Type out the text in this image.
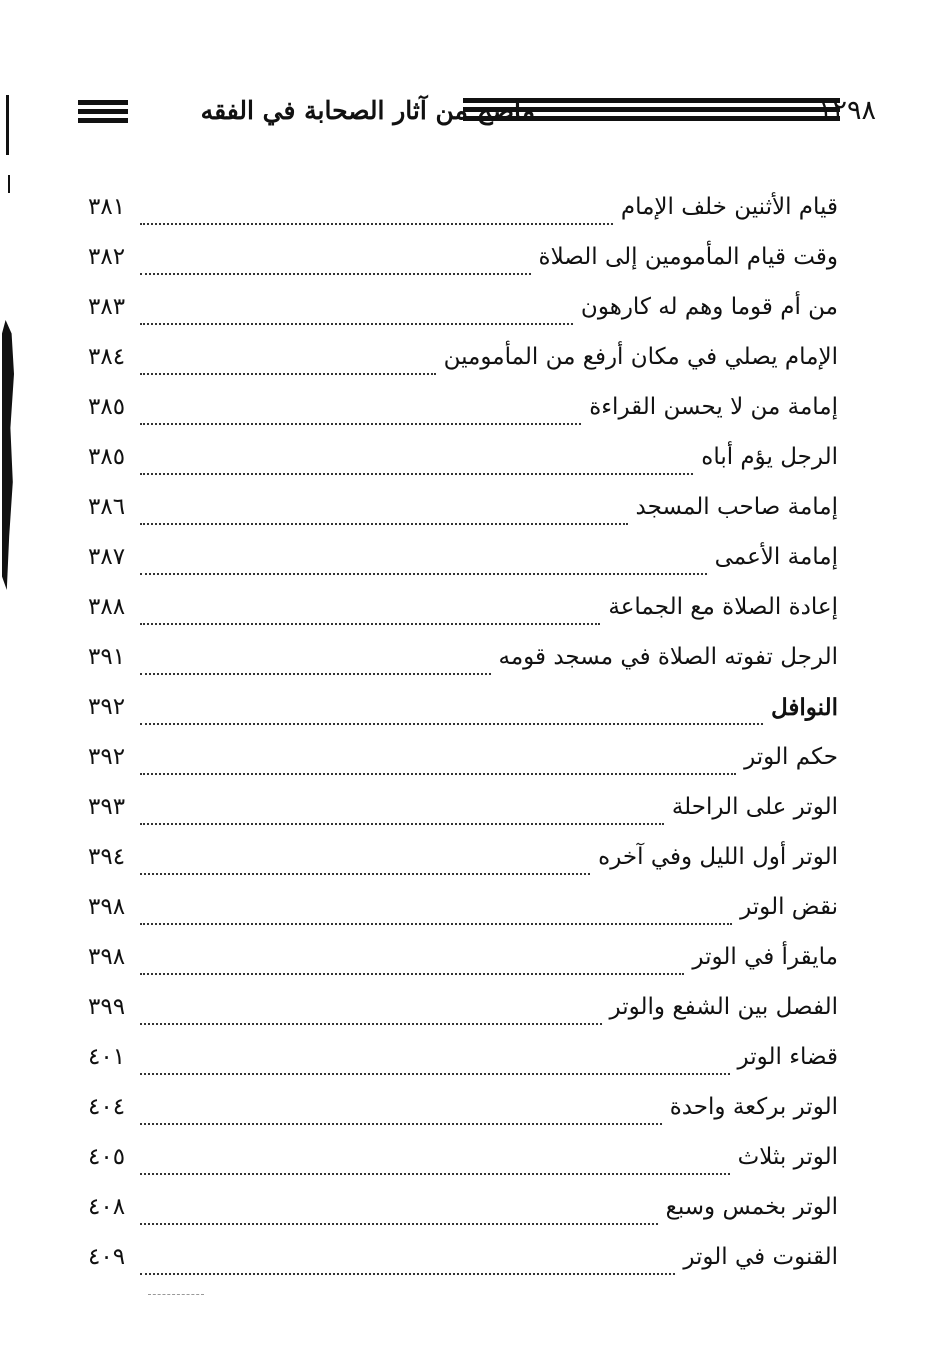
١٢٩٨
ماصح من آثار الصحابة في الفقه
قيام الأثنين خلف الإمام
٣٨١
وقت قيام المأمومين إلى الصلاة
٣٨٢
من أم قوما وهم له كارهون
٣٨٣
الإمام يصلي في مكان أرفع من المأمومين
٣٨٤
إمامة من لا يحسن القراءة
٣٨٥
الرجل يؤم أباه
٣٨٥
إمامة صاحب المسجد
٣٨٦
إمامة الأعمى
٣٨٧
إعادة الصلاة مع الجماعة
٣٨٨
الرجل تفوته الصلاة في مسجد قومه
٣٩١
النوافل
٣٩٢
حكم الوتر
٣٩٢
الوتر على الراحلة
٣٩٣
الوتر أول الليل وفي آخره
٣٩٤
نقض الوتر
٣٩٨
مايقرأ في الوتر
٣٩٨
الفصل بين الشفع والوتر
٣٩٩
قضاء الوتر
٤٠١
الوتر بركعة واحدة
٤٠٤
الوتر بثلاث
٤٠٥
الوتر بخمس وسبع
٤٠٨
القنوت في الوتر
٤٠٩
